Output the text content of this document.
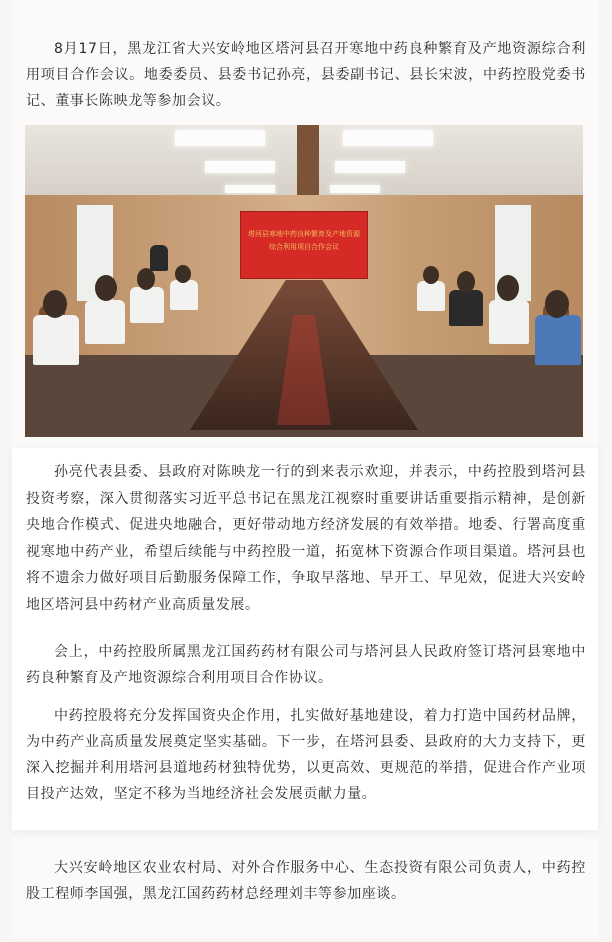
8月17日，黑龙江省大兴安岭地区塔河县召开寒地中药良种繁育及产地资源综合利用项目合作会议。地委委员、县委书记孙亮，县委副书记、县长宋波，中药控股党委书记、董事长陈映龙等参加会议。

塔河县寒地中药良种繁育及产地资源
综合利用项目合作会议

孙亮代表县委、县政府对陈映龙一行的到来表示欢迎，并表示，中药控股到塔河县投资考察，深入贯彻落实习近平总书记在黑龙江视察时重要讲话重要指示精神，是创新央地合作模式、促进央地融合，更好带动地方经济发展的有效举措。地委、行署高度重视寒地中药产业，希望后续能与中药控股一道，拓宽林下资源合作项目渠道。塔河县也将不遗余力做好项目后勤服务保障工作，争取早落地、早开工、早见效，促进大兴安岭地区塔河县中药材产业高质量发展。

会上，中药控股所属黑龙江国药药材有限公司与塔河县人民政府签订塔河县寒地中药良种繁育及产地资源综合利用项目合作协议。

中药控股将充分发挥国资央企作用，扎实做好基地建设，着力打造中国药材品牌，为中药产业高质量发展奠定坚实基础。下一步，在塔河县委、县政府的大力支持下，更深入挖掘并利用塔河县道地药材独特优势，以更高效、更规范的举措，促进合作产业项目投产达效，坚定不移为当地经济社会发展贡献力量。

大兴安岭地区农业农村局、对外合作服务中心、生态投资有限公司负责人，中药控股工程师李国强，黑龙江国药药材总经理刘丰等参加座谈。
